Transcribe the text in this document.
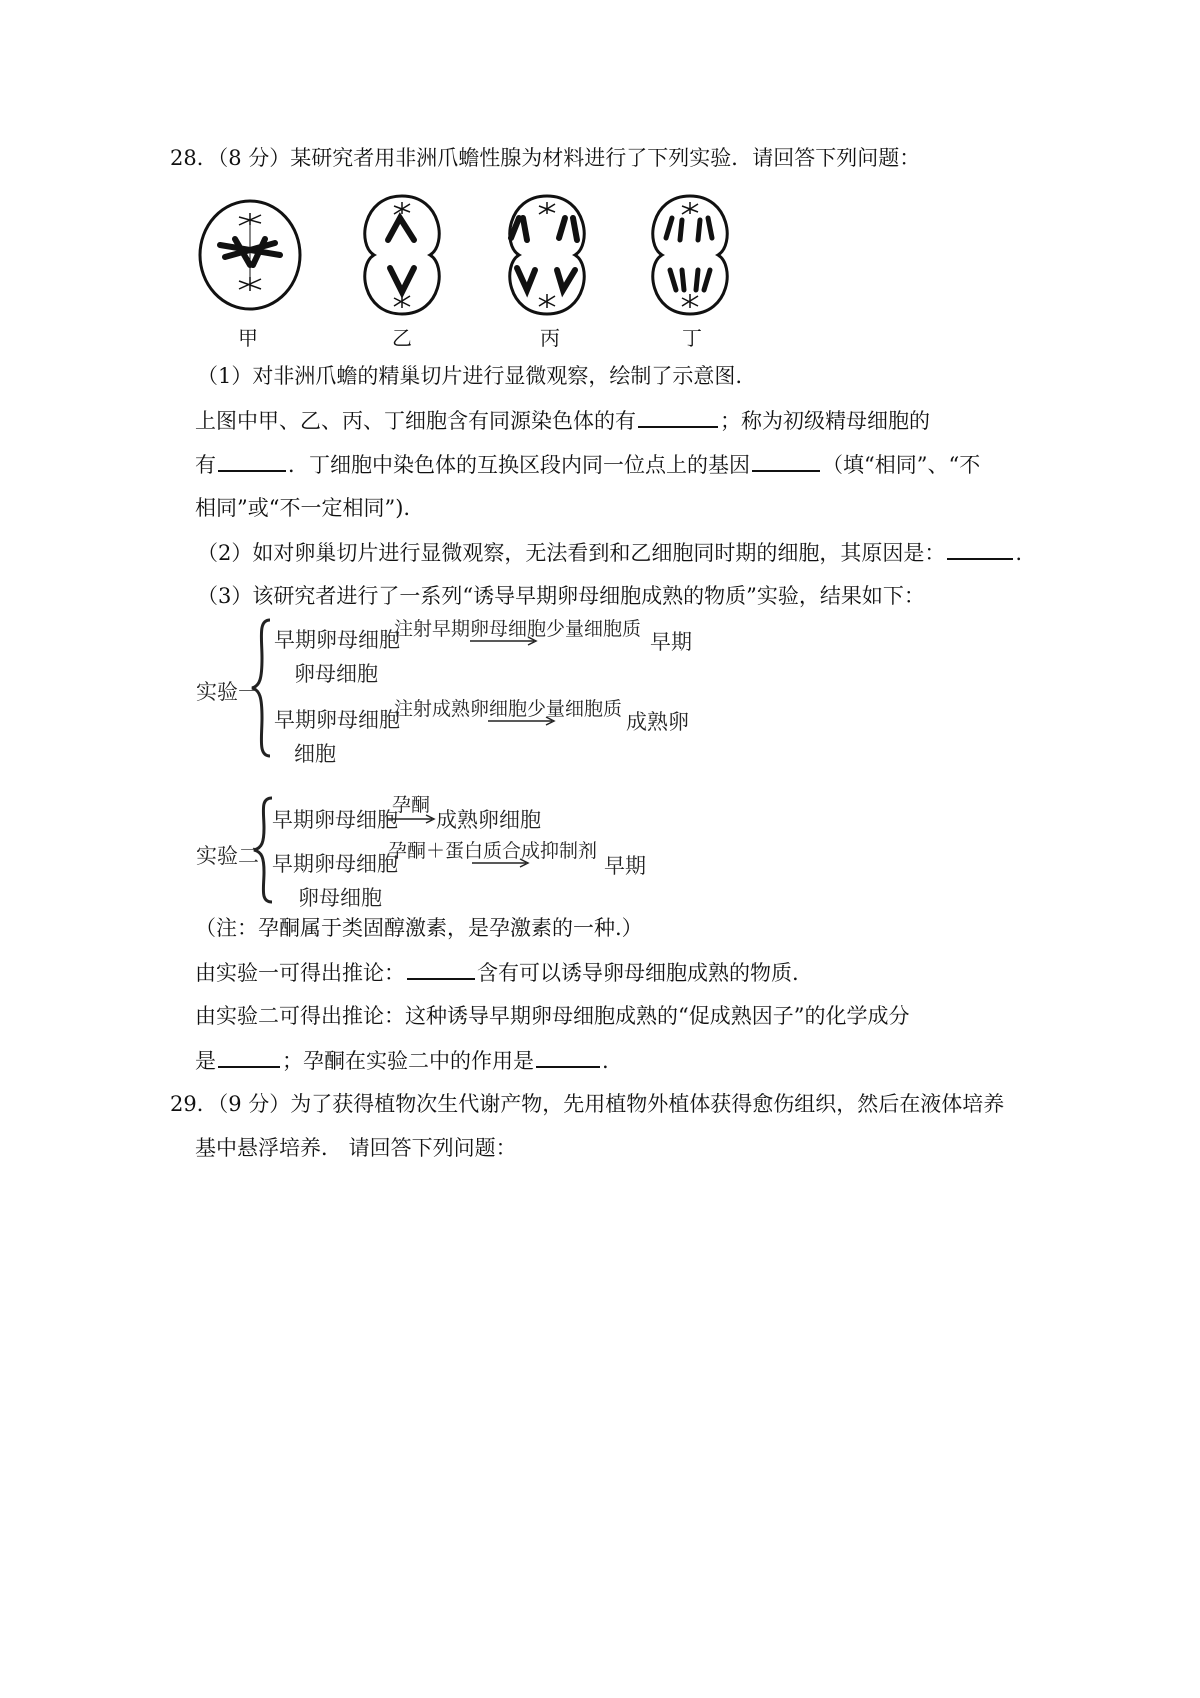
28．（8 分）某研究者用非洲爪蟾性腺为材料进行了下列实验．请回答下列问题：
甲	乙	丙	丁
（1）对非洲爪蟾的精巢切片进行显微观察，绘制了示意图.
上图中甲、乙、丙、丁细胞含有同源染色体的有	；称为初级精母细胞的
有	．丁细胞中染色体的互换区段内同一位点上的基因	（填“相同”、“不
相同”或“不一定相同”).
（2）如对卵巢切片进行显微观察，无法看到和乙细胞同时期的细胞，其原因是：	.
（3）该研究者进行了一系列“诱导早期卵母细胞成熟的物质”实验，结果如下：
实验一
早期卵母细胞
注射早期卵母细胞少量细胞质
早期
卵母细胞
早期卵母细胞
注射成熟卵细胞少量细胞质
成熟卵
细胞
实验二
早期卵母细胞
孕酮
成熟卵细胞
早期卵母细胞
孕酮＋蛋白质合成抑制剂
早期
卵母细胞
（注：孕酮属于类固醇激素，是孕激素的一种.）
由实验一可得出推论：	含有可以诱导卵母细胞成熟的物质.
由实验二可得出推论：这种诱导早期卵母细胞成熟的“促成熟因子”的化学成分
是	；孕酮在实验二中的作用是	.
29．（9 分）为了获得植物次生代谢产物，先用植物外植体获得愈伤组织，然后在液体培养
基中悬浮培养． 请回答下列问题：
